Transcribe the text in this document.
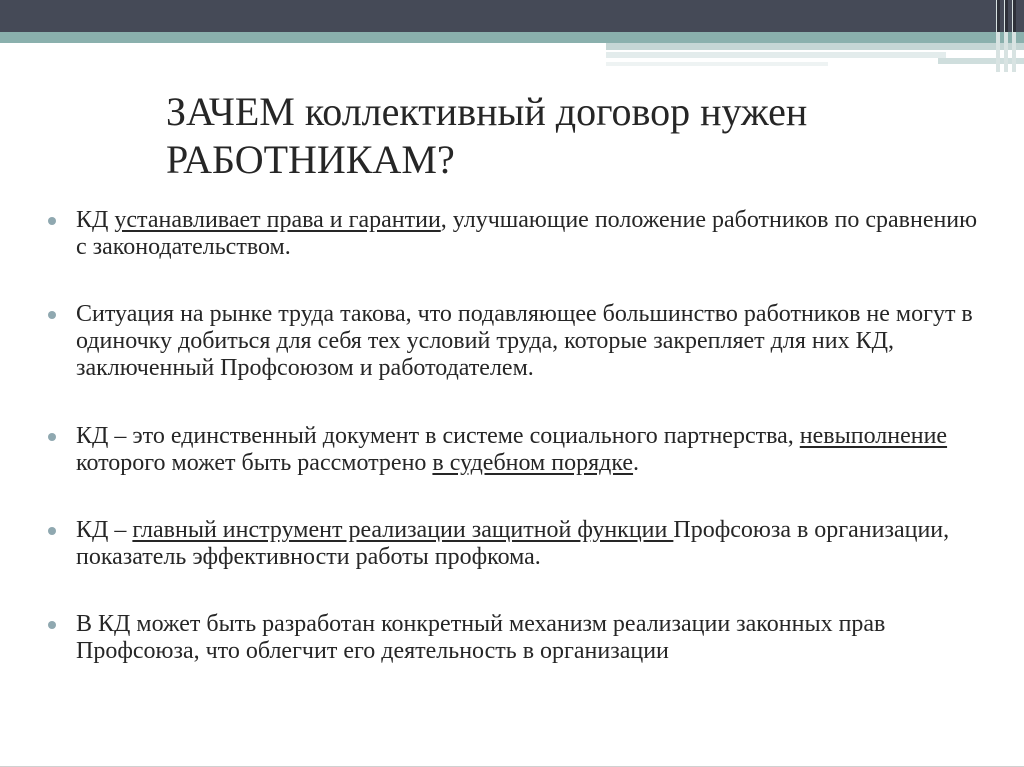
ЗАЧЕМ коллективный договор нужен РАБОТНИКАМ?
КД устанавливает права и гарантии, улучшающие положение работников по сравнению с законодательством.
Ситуация на рынке труда такова, что подавляющее большинство работников не могут в одиночку добиться для себя тех условий труда, которые закрепляет для них КД, заключенный Профсоюзом и работодателем.
КД – это единственный документ в системе социального партнерства, невыполнение которого может быть рассмотрено в судебном порядке.
КД – главный инструмент реализации защитной функции Профсоюза в организации, показатель эффективности работы профкома.
В КД может быть разработан конкретный механизм реализации законных прав Профсоюза, что облегчит его деятельность в организации
